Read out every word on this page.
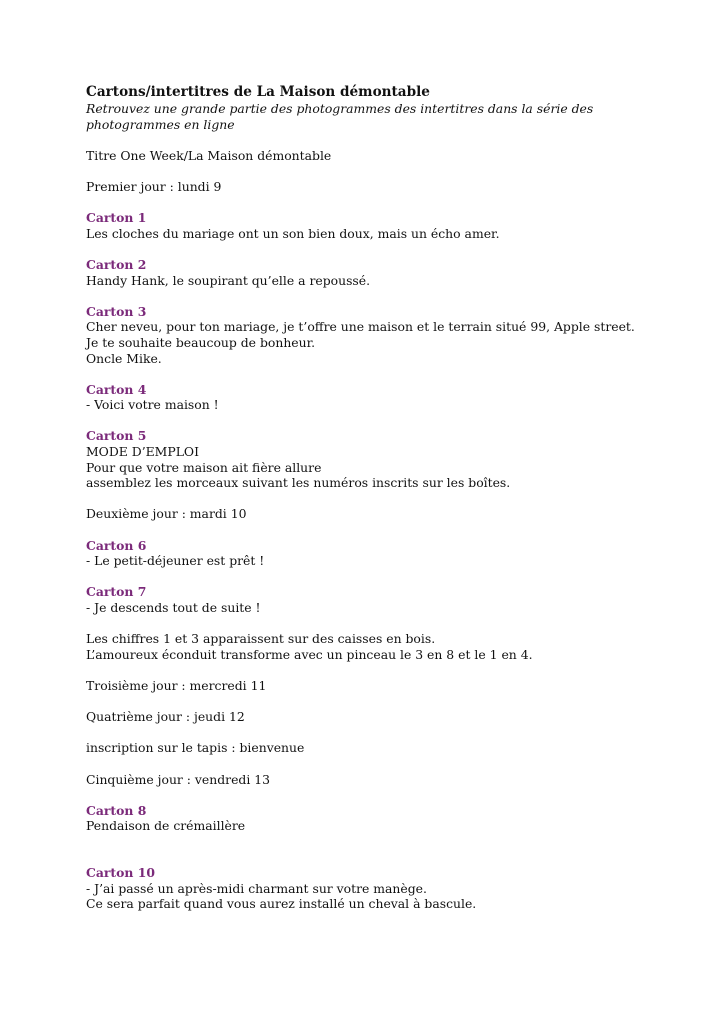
Cartons/intertitres de La Maison démontable
Retrouvez une grande partie des photogrammes des intertitres dans la série des photogrammes en ligne
Titre One Week/La Maison démontable
Premier jour : lundi 9
Carton 1
Les cloches du mariage ont un son bien doux, mais un écho amer.
Carton 2
Handy Hank, le soupirant qu’elle a repoussé.
Carton 3
Cher neveu, pour ton mariage, je t’offre une maison et le terrain situé 99, Apple street.
Je te souhaite beaucoup de bonheur.
Oncle Mike.
Carton 4
- Voici votre maison !
Carton 5
MODE D’EMPLOI
Pour que votre maison ait fière allure
assemblez les morceaux suivant les numéros inscrits sur les boîtes.
Deuxième jour : mardi 10
Carton 6
- Le petit-déjeuner est prêt !
Carton 7
- Je descends tout de suite !
Les chiffres 1 et 3 apparaissent sur des caisses en bois.
L’amoureux éconduit transforme avec un pinceau le 3 en 8 et le 1 en 4.
Troisième jour : mercredi 11
Quatrième jour : jeudi 12
inscription sur le tapis : bienvenue
Cinquième jour : vendredi 13
Carton 8
Pendaison de crémaillère
Carton 10
- J’ai passé un après-midi charmant sur votre manège.
Ce sera parfait quand vous aurez installé un cheval à bascule.
